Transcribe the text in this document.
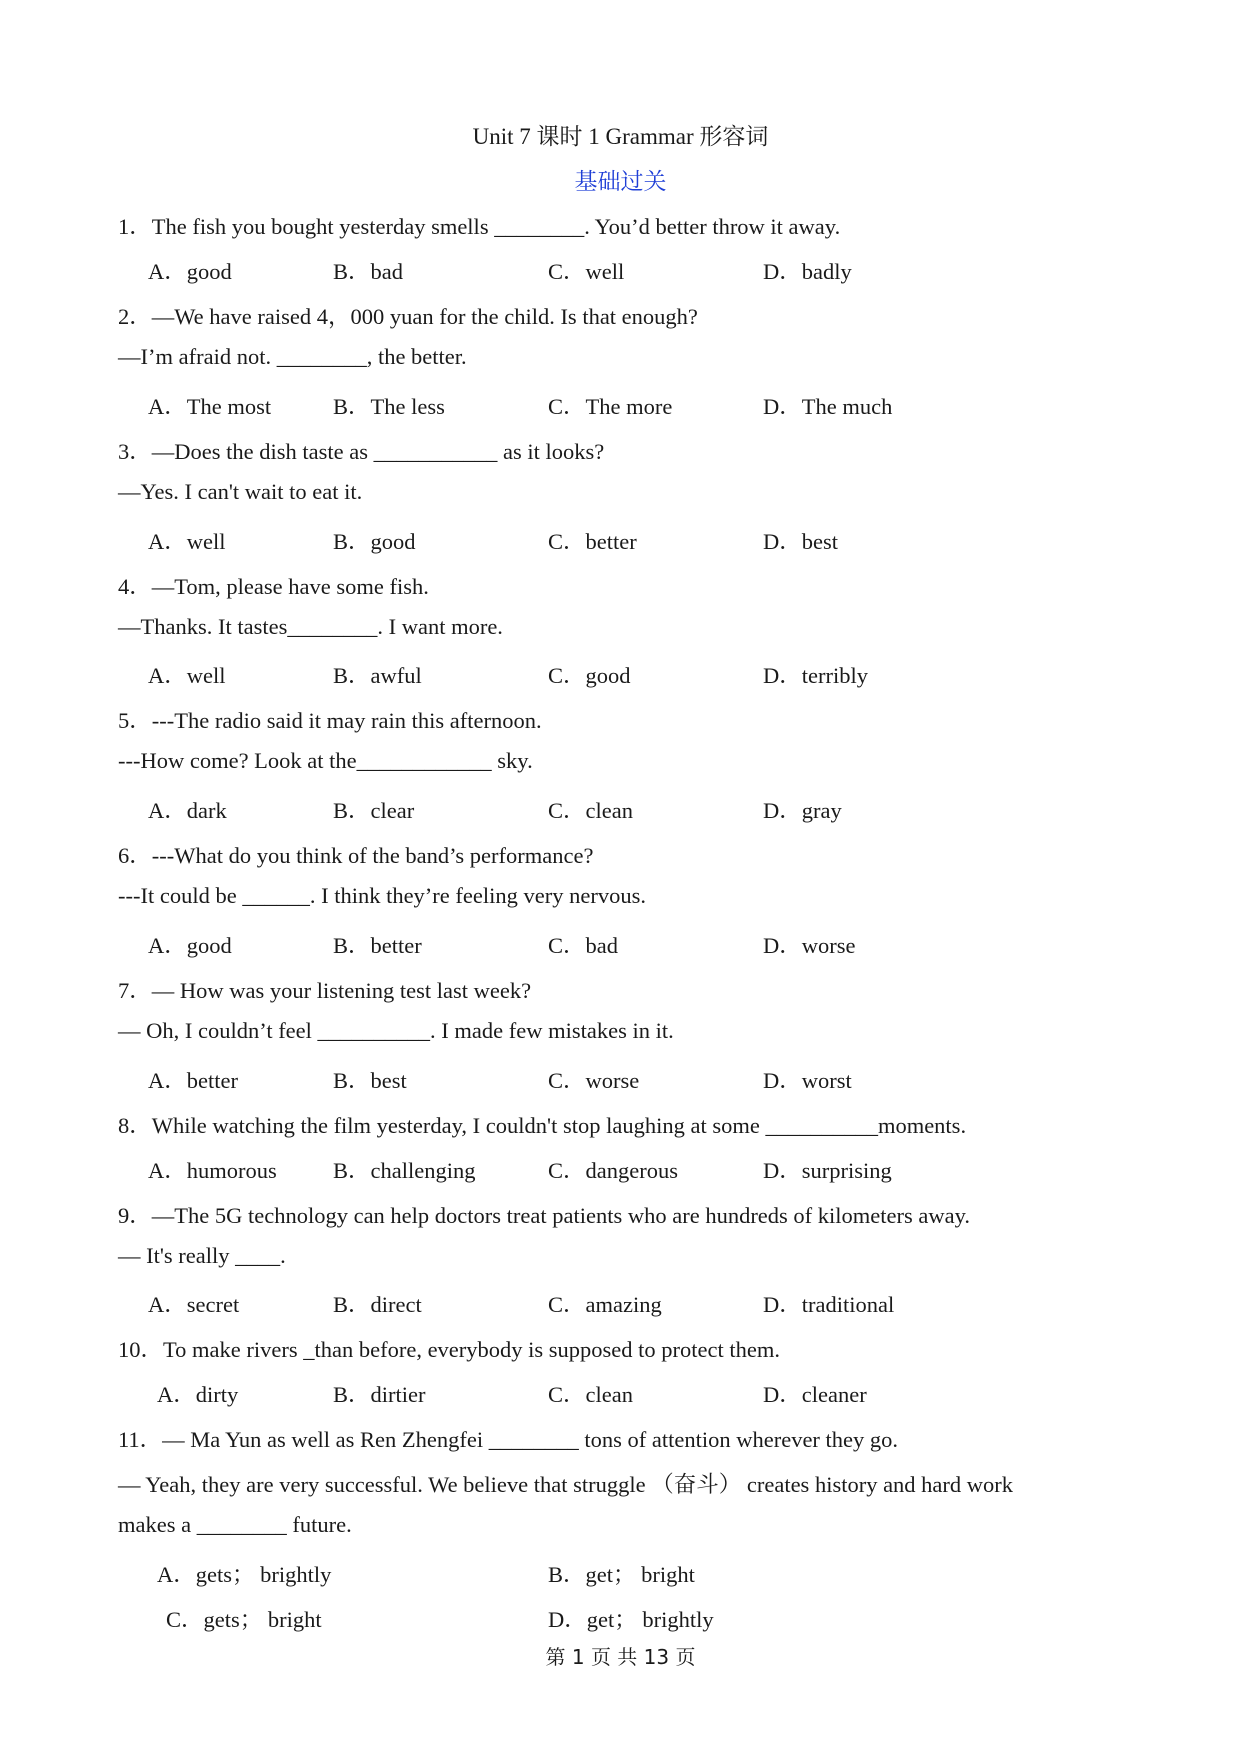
Unit 7 课时 1 Grammar 形容词
基础过关
1．The fish you bought yesterday smells ________. You’d better throw it away.
A．good	B．bad	C．well	D．badly
2．—We have raised 4，000 yuan for the child. Is that enough?
—I’m afraid not. ________, the better.
A．The most	B．The less	C．The more	D．The much
3．—Does the dish taste as ___________ as it looks?
—Yes. I can't wait to eat it.
A．well	B．good	C．better	D．best
4．—Tom, please have some fish.
—Thanks. It tastes________. I want more.
A．well	B．awful	C．good	D．terribly
5．---The radio said it may rain this afternoon.
---How come? Look at the____________ sky.
A．dark	B．clear	C．clean	D．gray
6．---What do you think of the band’s performance?
---It could be ______. I think they’re feeling very nervous.
A．good	B．better	C．bad	D．worse
7．— How was your listening test last week?
— Oh, I couldn’t feel __________. I made few mistakes in it.
A．better	B．best	C．worse	D．worst
8．While watching the film yesterday, I couldn't stop laughing at some __________moments.
A．humorous	B．challenging	C．dangerous	D．surprising
9．—The 5G technology can help doctors treat patients who are hundreds of kilometers away.
— It's really ____.
A．secret	B．direct	C．amazing	D．traditional
10．To make rivers _than before, everybody is supposed to protect them.
A．dirty	B．dirtier	C．clean	D．cleaner
11．— Ma Yun as well as Ren Zhengfei ________ tons of attention wherever they go.
— Yeah, they are very successful. We believe that struggle （奋斗） creates history and hard work
makes a ________ future.
A．gets； brightly	B．get； bright
C．gets； bright	D．get； brightly
第 1 页 共 13 页
